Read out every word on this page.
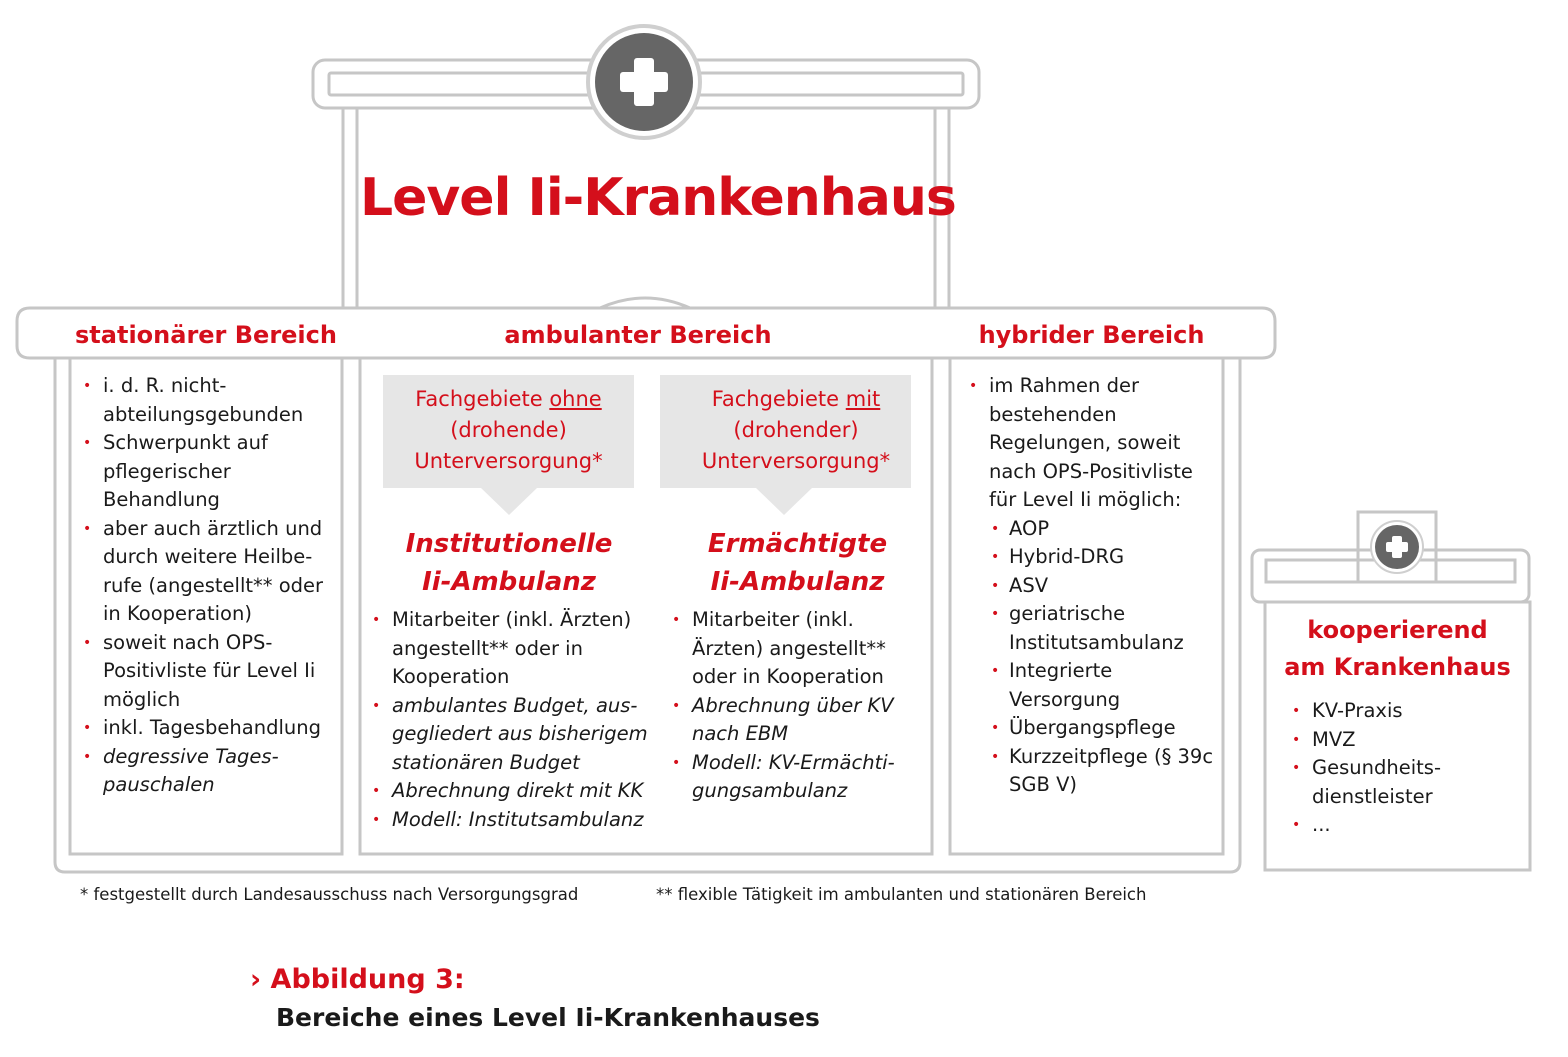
Level Ii-Krankenhaus
stationärer Bereich	ambulanter Bereich	hybrider Bereich
• i. d. R. nicht-abteilungsgebunden
• Schwerpunkt auf pflegerischer Behandlung
• aber auch ärztlich und durch weitere Heilbe-rufe (angestellt** oder in Kooperation)
• soweit nach OPS-Positivliste für Level Ii möglich
• inkl. Tagesbehandlung
• degressive Tages-pauschalen
Fachgebiete ohne
(drohende) Unterversorgung*
Institutionelle
Ii-Ambulanz
• Mitarbeiter (inkl. Ärzten) angestellt** oder in Kooperation
• ambulantes Budget, aus-gegliedert aus bisherigem stationären Budget
• Abrechnung direkt mit KK
• Modell: Institutsambulanz
Fachgebiete mit
(drohender) Unterversorgung*
Ermächtigte
Ii-Ambulanz
• Mitarbeiter (inkl. Ärzten) angestellt** oder in Kooperation
• Abrechnung über KV nach EBM
• Modell: KV-Ermächti-gungsambulanz
• im Rahmen der bestehenden Regelungen, soweit nach OPS-Positivliste für Level Ii möglich:
• AOP
• Hybrid-DRG
• ASV
• geriatrische Institutsambulanz
• Integrierte Versorgung
• Übergangspflege
• Kurzzeitpflege (§ 39c SGB V)
kooperierend
am Krankenhaus
• KV-Praxis
• MVZ
• Gesundheits-dienstleister
• ...
* festgestellt durch Landesausschuss nach Versorgungsgrad	** flexible Tätigkeit im ambulanten und stationären Bereich
› Abbildung 3:
Bereiche eines Level Ii-Krankenhauses
